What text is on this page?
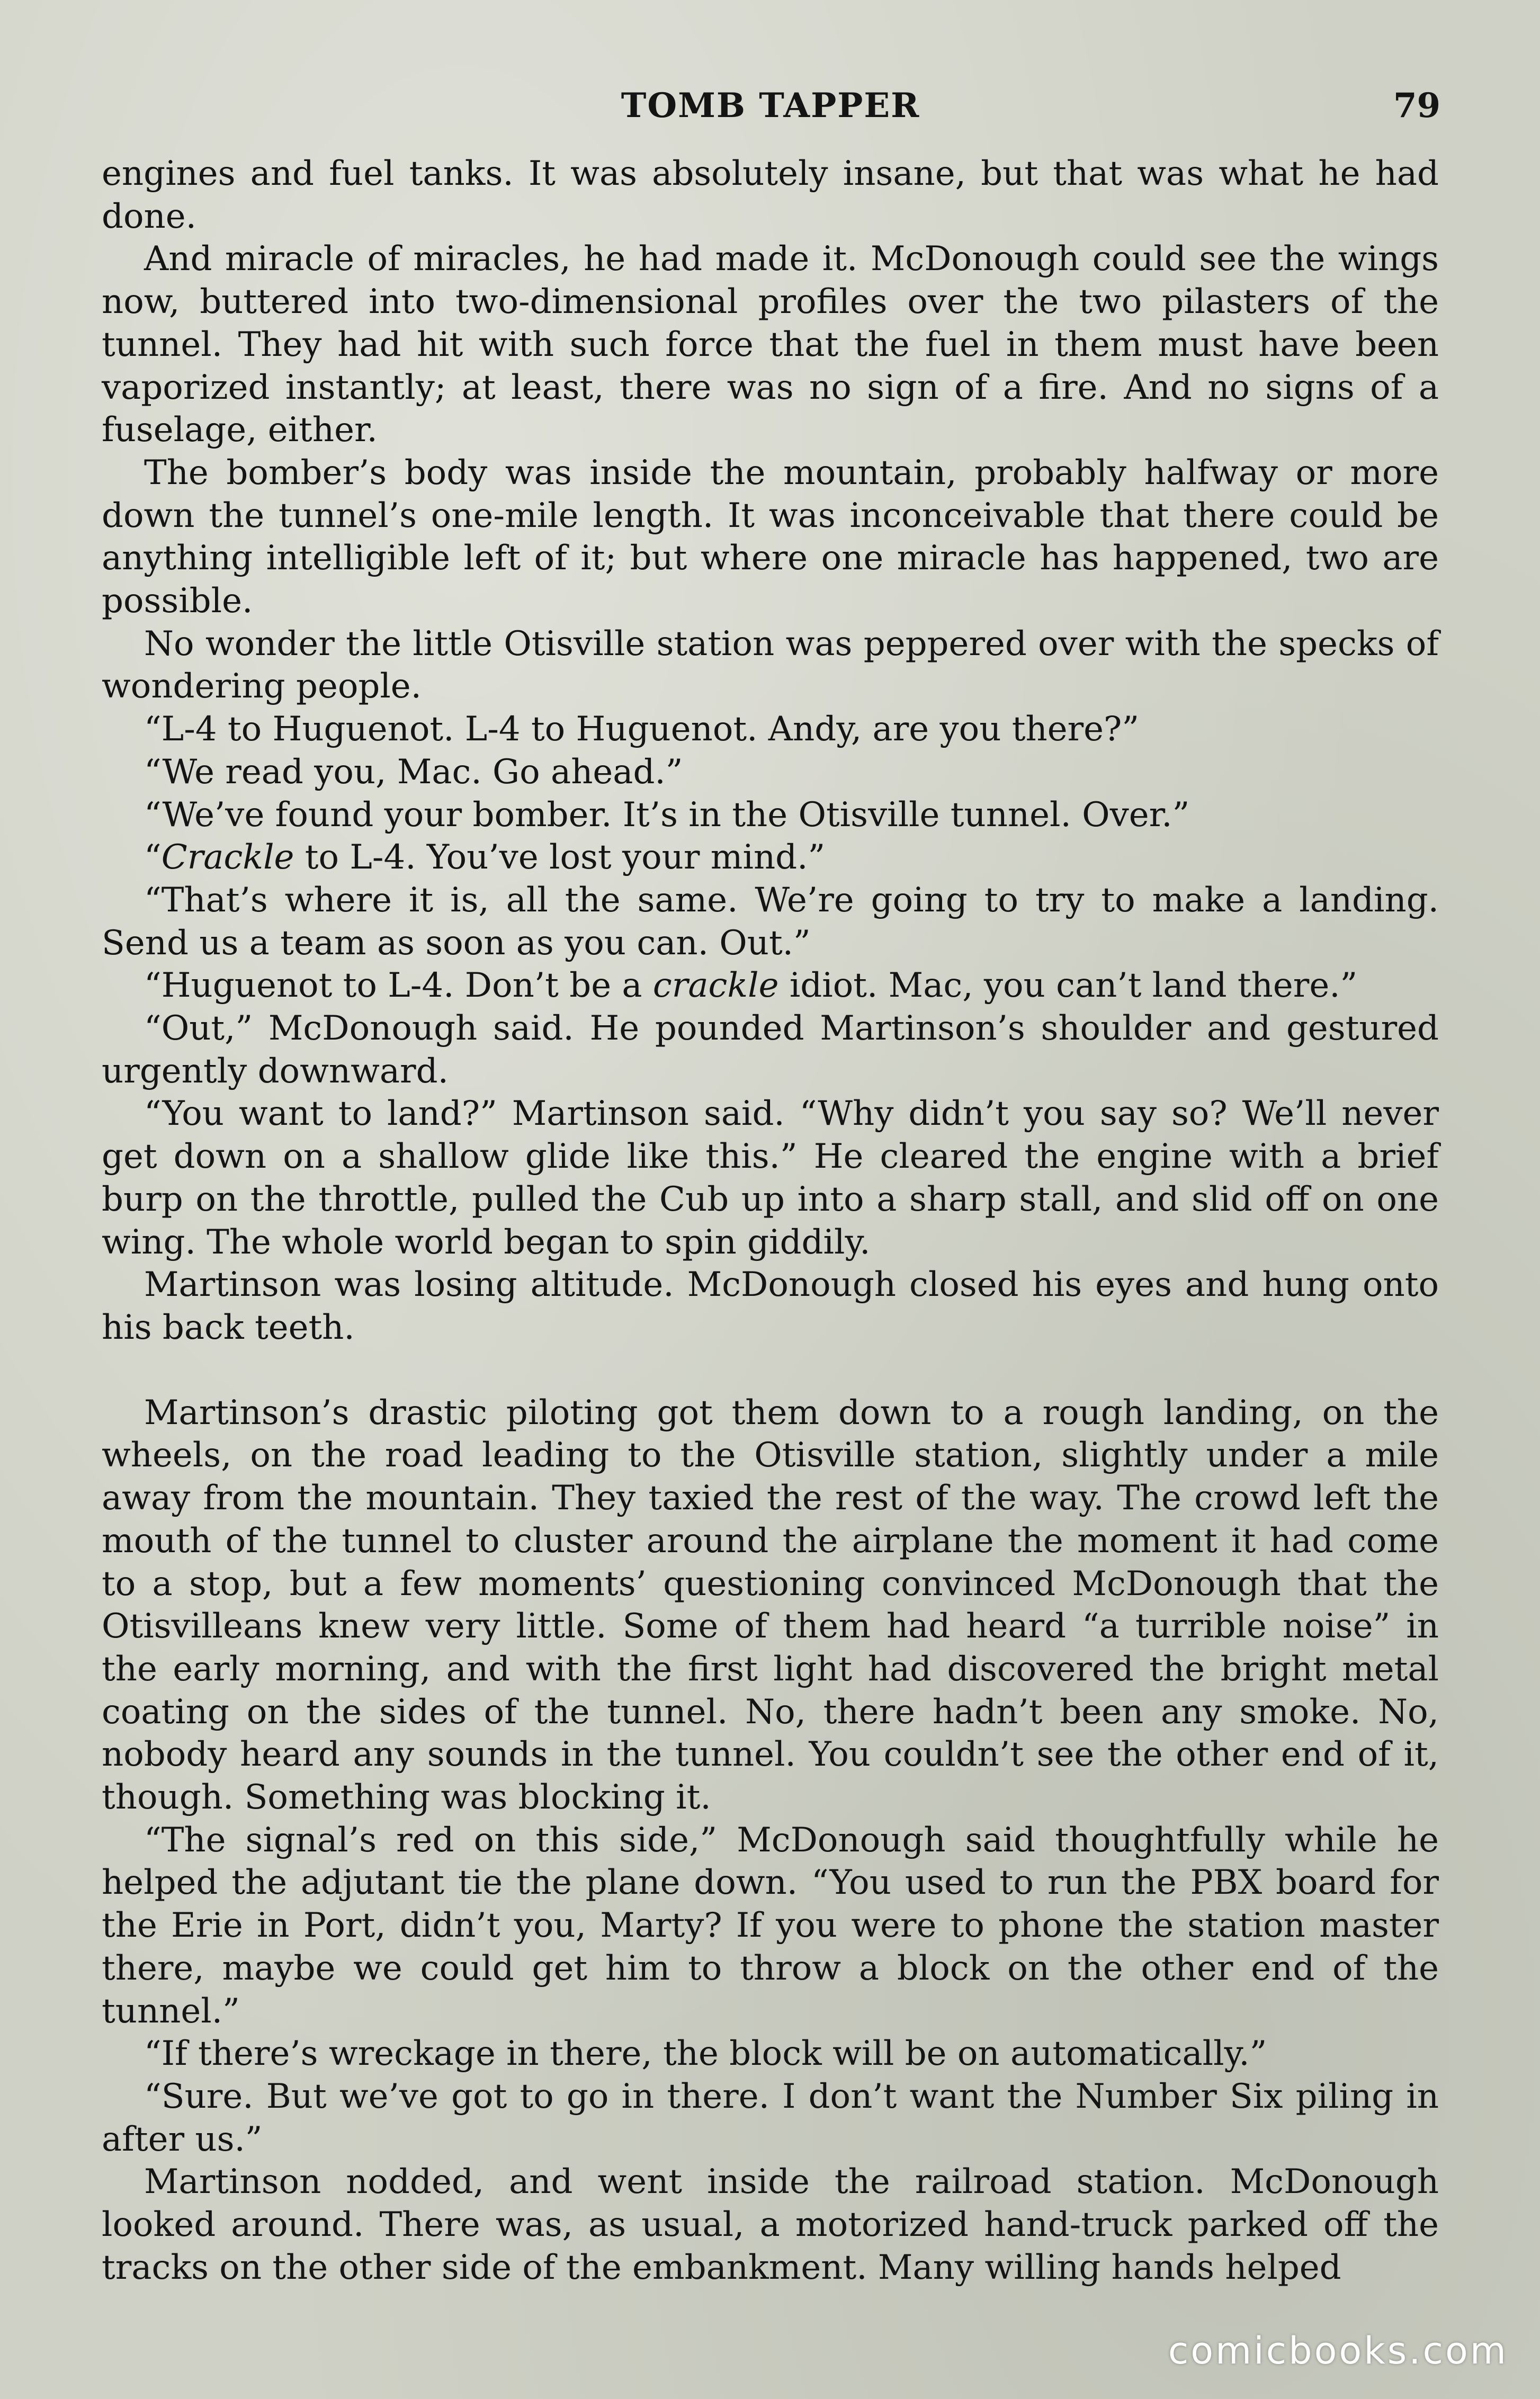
TOMB TAPPER	79

engines and fuel tanks. It was absolutely insane, but that was what he had done.

And miracle of miracles, he had made it. McDonough could see the wings now, buttered into two-dimensional profiles over the two pilasters of the tunnel. They had hit with such force that the fuel in them must have been vaporized instantly; at least, there was no sign of a fire. And no signs of a fuselage, either.

The bomber’s body was inside the mountain, probably halfway or more down the tunnel’s one-mile length. It was inconceivable that there could be anything intelligible left of it; but where one miracle has happened, two are possible.

No wonder the little Otisville station was peppered over with the specks of wondering people.

“L-4 to Huguenot. L-4 to Huguenot. Andy, are you there?”

“We read you, Mac. Go ahead.”

“We’ve found your bomber. It’s in the Otisville tunnel. Over.”

“Crackle to L-4. You’ve lost your mind.”

“That’s where it is, all the same. We’re going to try to make a landing. Send us a team as soon as you can. Out.”

“Huguenot to L-4. Don’t be a crackle idiot. Mac, you can’t land there.”

“Out,” McDonough said. He pounded Martinson’s shoulder and gestured urgently downward.

“You want to land?” Martinson said. “Why didn’t you say so? We’ll never get down on a shallow glide like this.” He cleared the engine with a brief burp on the throttle, pulled the Cub up into a sharp stall, and slid off on one wing. The whole world began to spin giddily.

Martinson was losing altitude. McDonough closed his eyes and hung onto his back teeth.

Martinson’s drastic piloting got them down to a rough landing, on the wheels, on the road leading to the Otisville station, slightly under a mile away from the mountain. They taxied the rest of the way. The crowd left the mouth of the tunnel to cluster around the airplane the moment it had come to a stop, but a few moments’ questioning convinced McDonough that the Otisvilleans knew very little. Some of them had heard “a turrible noise” in the early morning, and with the first light had discovered the bright metal coating on the sides of the tunnel. No, there hadn’t been any smoke. No, nobody heard any sounds in the tunnel. You couldn’t see the other end of it, though. Something was blocking it.

“The signal’s red on this side,” McDonough said thoughtfully while he helped the adjutant tie the plane down. “You used to run the PBX board for the Erie in Port, didn’t you, Marty? If you were to phone the station master there, maybe we could get him to throw a block on the other end of the tunnel.”

“If there’s wreckage in there, the block will be on automatically.”

“Sure. But we’ve got to go in there. I don’t want the Number Six piling in after us.”

Martinson nodded, and went inside the railroad station. McDonough looked around. There was, as usual, a motorized hand-truck parked off the tracks on the other side of the embankment. Many willing hands helped

comicbooks.com
